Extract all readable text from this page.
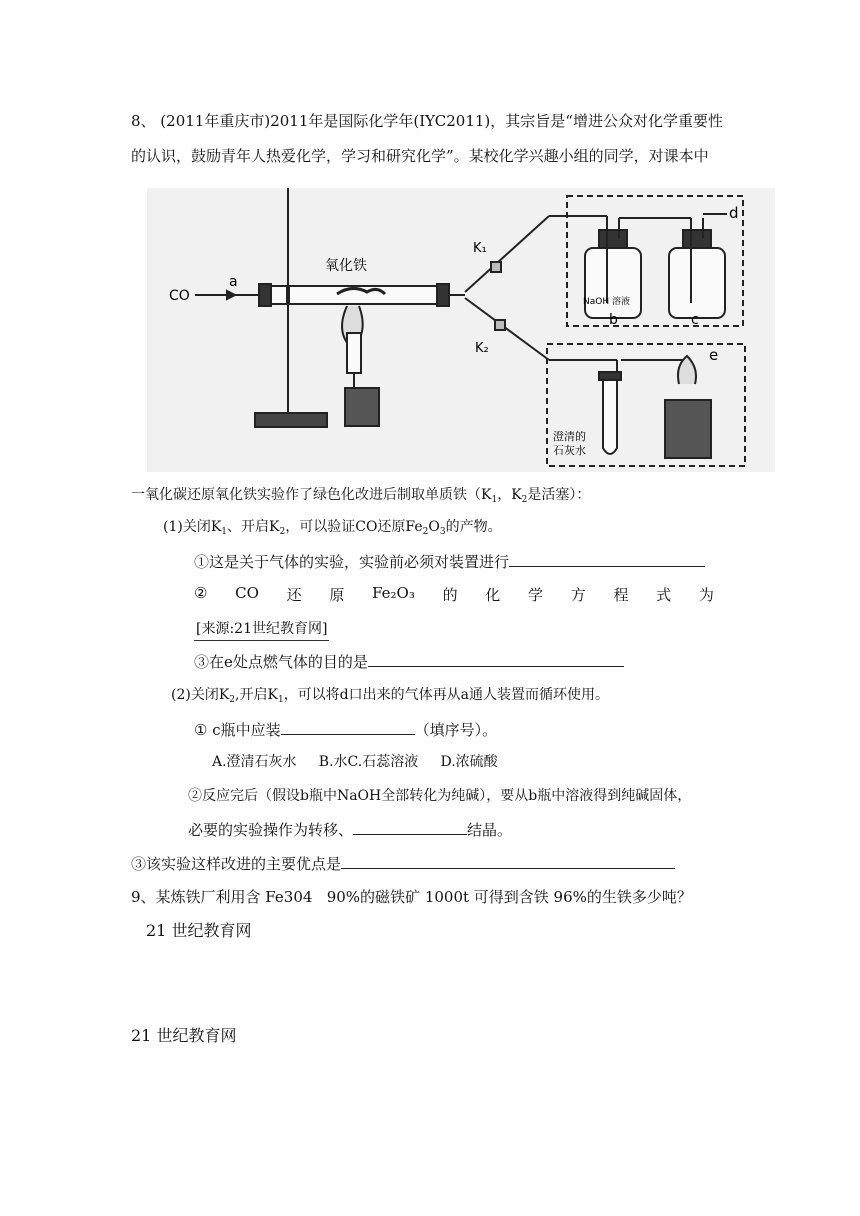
8、 (2011年重庆市)2011年是国际化学年(IYC2011)，其宗旨是“增进公众对化学重要性
的认识，鼓励青年人热爱化学，学习和研究化学”。某校化学兴趣小组的同学，对课本中
CO
a
氧化铁
K₁
K₂
NaOH 溶液
b	c
d
e
澄清的
石灰水
一氧化碳还原氧化铁实验作了绿色化改进后制取单质铁（$K_1$，$K_2$是活塞）：
(1)关闭$K_1$、开启$K_2$，可以验证CO还原$Fe_2O_3$的产物。
①这是关于气体的实验，实验前必须对装置进行
② CO 还 原 Fe₂O₃ 的 化 学 方 程 式 为
[来源:21世纪教育网]
③在e处点燃气体的目的是
(2)关闭$K_2$,开启$K_1$，可以将d口出来的气体再从a通人装置而循环使用。
① c瓶中应装	（填序号）。
A.澄清石灰水     B.水C.石蕊溶液     D.浓硫酸
②反应完后（假设b瓶中NaOH全部转化为纯碱），要从b瓶中溶液得到纯碱固体，
必要的实验操作为转移、	结晶。
③该实验这样改进的主要优点是
9、某炼铁厂利用含 Fe304   90%的磁铁矿 1000t 可得到含铁 96%的生铁多少吨？
21 世纪教育网
21 世纪教育网
